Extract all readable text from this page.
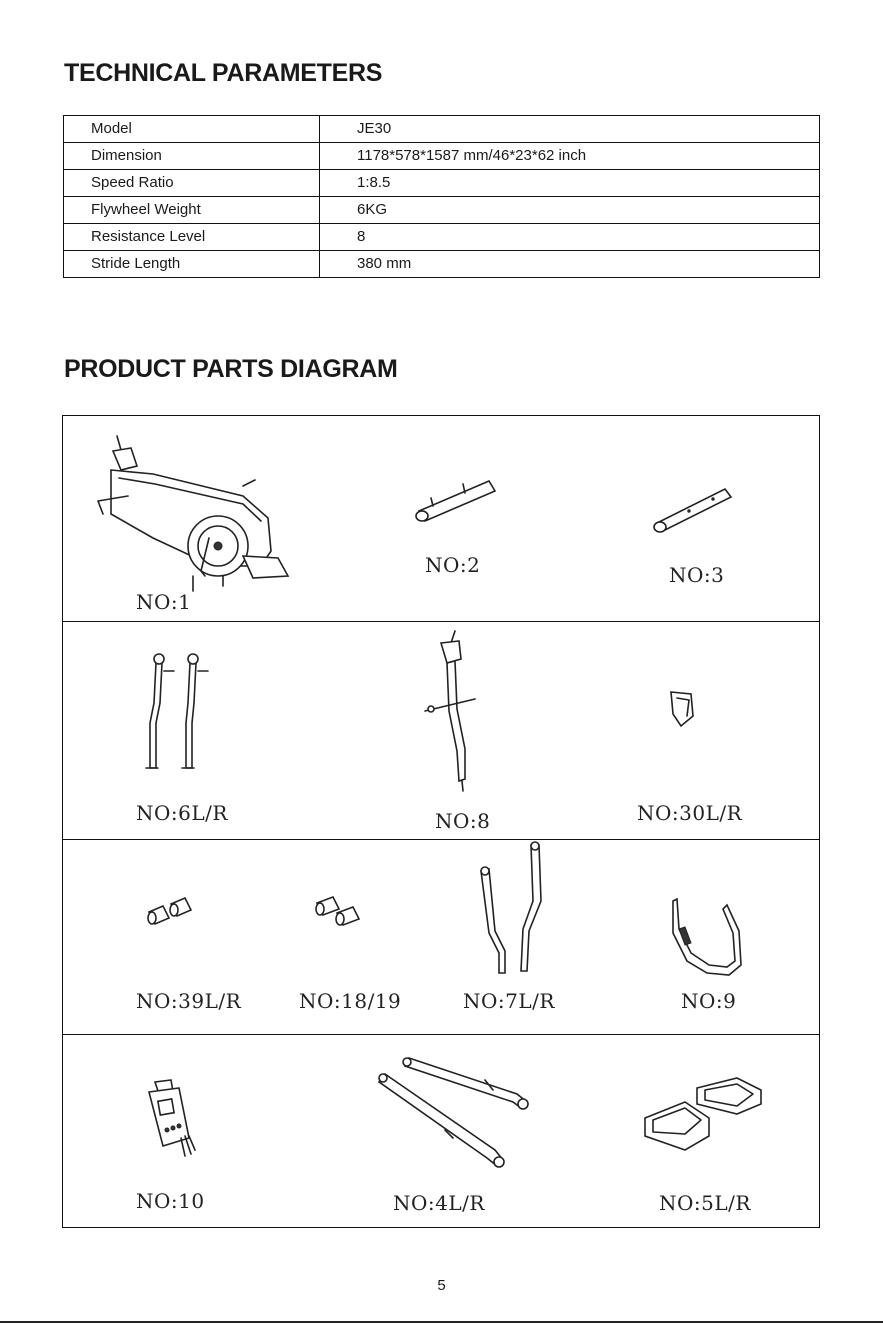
TECHNICAL PARAMETERS
Model	JE30
Dimension	1178*578*1587 mm/46*23*62 inch
Speed Ratio	1:8.5
Flywheel Weight	6KG
Resistance Level	8
Stride Length	380 mm
PRODUCT PARTS DIAGRAM
NO:1
NO:2	NO:3
NO:6L/R	NO:8	NO:30L/R
NO:39L/R	NO:18/19	NO:7L/R	NO:9
NO:10	NO:4L/R	NO:5L/R
5
